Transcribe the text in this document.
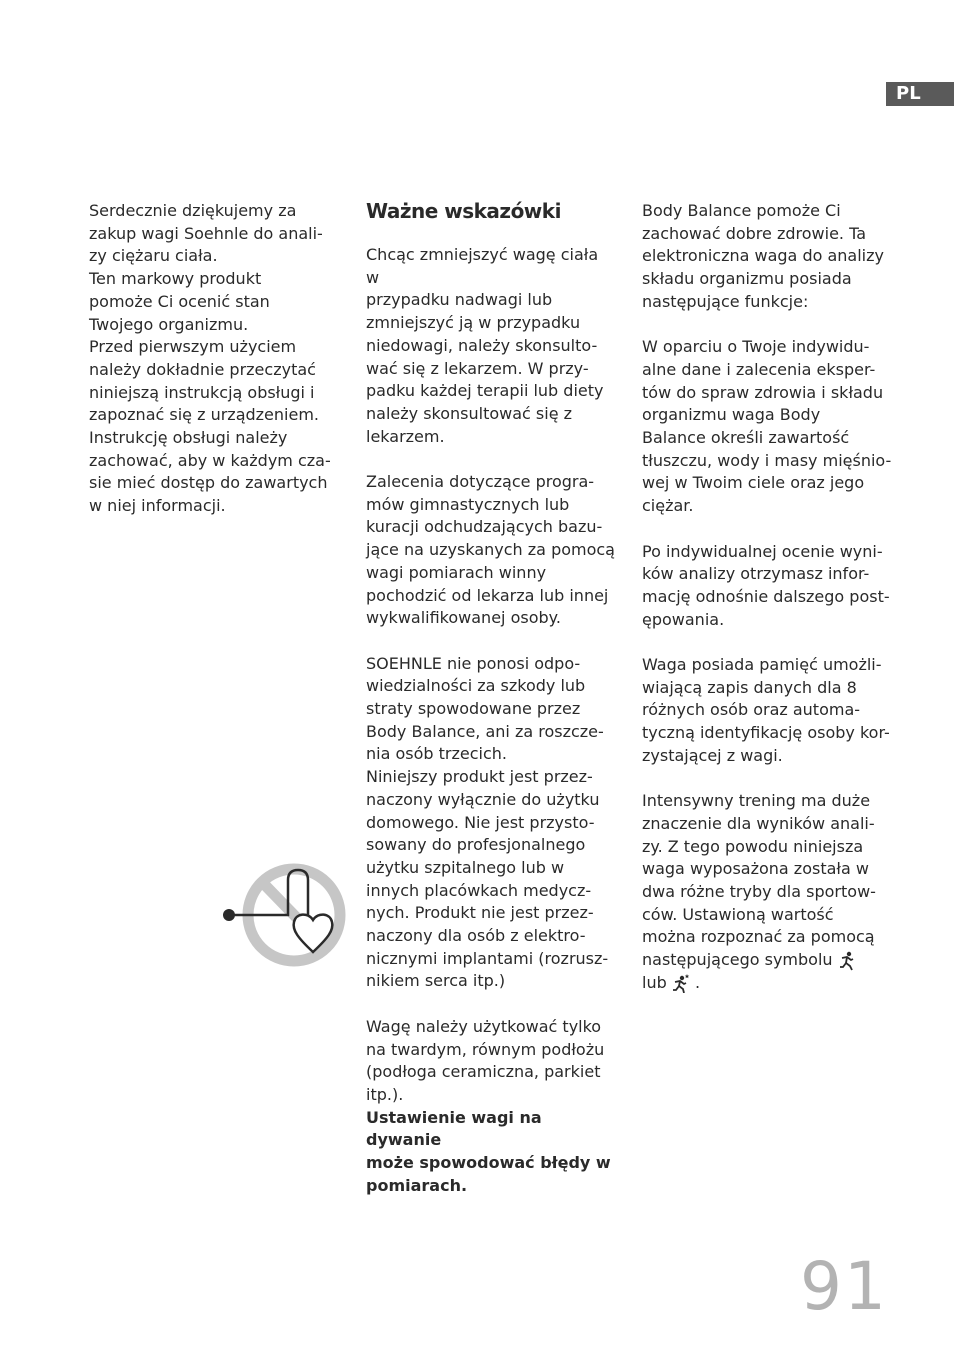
PL

Serdecznie dziękujemy za
zakup wagi Soehnle do anali-
zy ciężaru ciała.
Ten markowy produkt
pomoże Ci ocenić stan
Twojego organizmu.
Przed pierwszym użyciem
należy dokładnie przeczytać
niniejszą instrukcją obsługi i
zapoznać się z urządzeniem.
Instrukcję obsługi należy
zachować, aby w każdym cza-
sie mieć dostęp do zawartych
w niej informacji.

Ważne wskazówki

Chcąc zmniejszyć wagę ciała w
przypadku nadwagi lub
zmniejszyć ją w przypadku
niedowagi, należy skonsulto-
wać się z lekarzem. W przy-
padku każdej terapii lub diety
należy skonsultować się z
lekarzem.

Zalecenia dotyczące progra-
mów gimnastycznych lub
kuracji odchudzających bazu-
jące na uzyskanych za pomocą
wagi pomiarach winny
pochodzić od lekarza lub innej
wykwalifikowanej osoby.

SOEHNLE nie ponosi odpo-
wiedzialności za szkody lub
straty spowodowane przez
Body Balance, ani za roszcze-
nia osób trzecich.
Niniejszy produkt jest przez-
naczony wyłącznie do użytku
domowego. Nie jest przysto-
sowany do profesjonalnego
użytku szpitalnego lub w
innych placówkach medycz-
nych. Produkt nie jest przez-
naczony dla osób z elektro-
nicznymi implantami (rozrusz-
nikiem serca itp.)

Wagę należy użytkować tylko
na twardym, równym podłożu
(podłoga ceramiczna, parkiet
itp.).
Ustawienie wagi na dywanie
może spowodować błędy w
pomiarach.

Body Balance pomoże Ci
zachować dobre zdrowie. Ta
elektroniczna waga do analizy
składu organizmu posiada
następujące funkcje:

W oparciu o Twoje indywidu-
alne dane i zalecenia eksper-
tów do spraw zdrowia i składu
organizmu waga Body
Balance określi zawartość
tłuszczu, wody i masy mięśnio-
wej w Twoim ciele oraz jego
ciężar.

Po indywidualnej ocenie wyni-
ków analizy otrzymasz infor-
mację odnośnie dalszego post-
ępowania.

Waga posiada pamięć umożli-
wiającą zapis danych dla 8
różnych osób oraz automa-
tyczną identyfikację osoby kor-
zystającej z wagi.

Intensywny trening ma duże
znaczenie dla wyników anali-
zy. Z tego powodu niniejsza
waga wyposażona została w
dwa różne tryby dla sportow-
ców. Ustawioną wartość
można rozpoznać za pomocą
następującego symbolu
lub .

91
